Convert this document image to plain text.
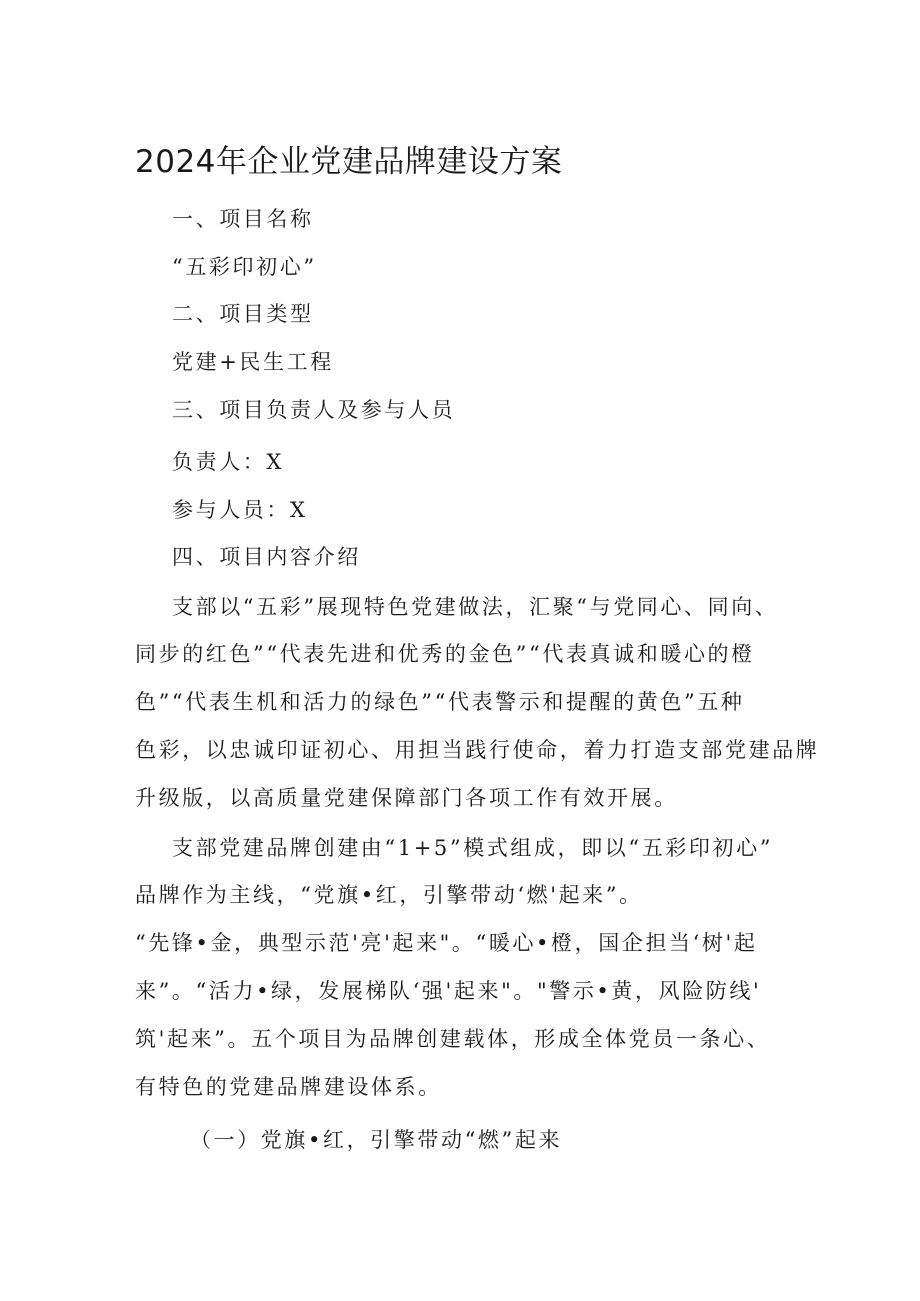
2024年企业党建品牌建设方案

一、项目名称

“五彩印初心”

二、项目类型

党建+民生工程

三、项目负责人及参与人员

负责人：X

参与人员：X

四、项目内容介绍

支部以“五彩”展现特色党建做法，汇聚“与党同心、同向、

同步的红色”“代表先进和优秀的金色”“代表真诚和暖心的橙

色”“代表生机和活力的绿色”“代表警示和提醒的黄色”五种

色彩，以忠诚印证初心、用担当践行使命，着力打造支部党建品牌

升级版，以高质量党建保障部门各项工作有效开展。

支部党建品牌创建由“1+5”模式组成，即以“五彩印初心”

品牌作为主线，“党旗•红，引擎带动‘燃'起来”。

“先锋•金，典型示范'亮'起来"。“暖心•橙，国企担当‘树'起

来”。“活力•绿，发展梯队‘强'起来"。"警示•黄，风险防线'

筑'起来”。五个项目为品牌创建载体，形成全体党员一条心、

有特色的党建品牌建设体系。

（一）党旗•红，引擎带动“燃”起来
